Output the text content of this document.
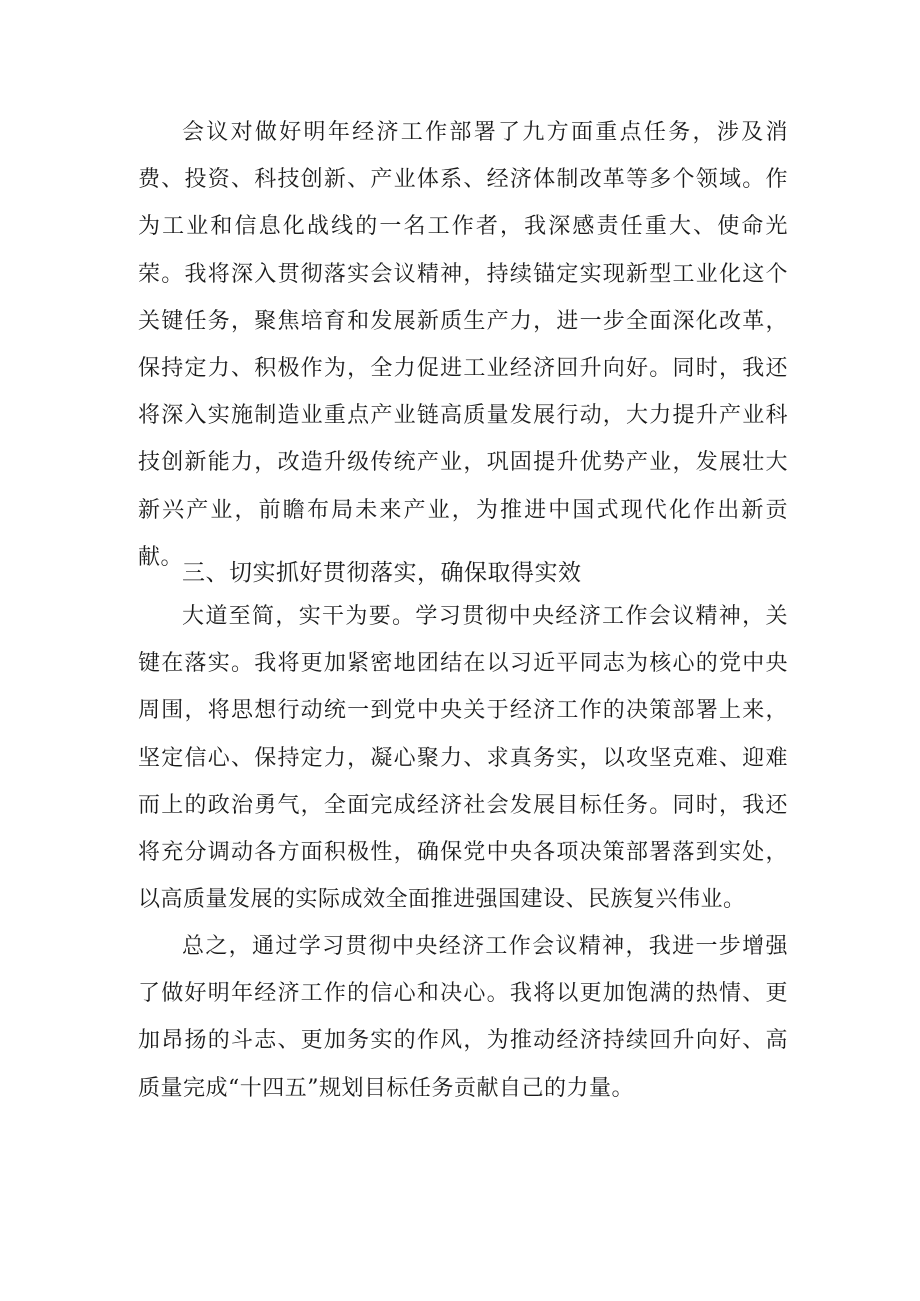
会议对做好明年经济工作部署了九方面重点任务，涉及消费、投资、科技创新、产业体系、经济体制改革等多个领域。作为工业和信息化战线的一名工作者，我深感责任重大、使命光荣。我将深入贯彻落实会议精神，持续锚定实现新型工业化这个关键任务，聚焦培育和发展新质生产力，进一步全面深化改革，保持定力、积极作为，全力促进工业经济回升向好。同时，我还将深入实施制造业重点产业链高质量发展行动，大力提升产业科技创新能力，改造升级传统产业，巩固提升优势产业，发展壮大新兴产业，前瞻布局未来产业，为推进中国式现代化作出新贡献。

三、切实抓好贯彻落实，确保取得实效

大道至简，实干为要。学习贯彻中央经济工作会议精神，关键在落实。我将更加紧密地团结在以习近平同志为核心的党中央周围，将思想行动统一到党中央关于经济工作的决策部署上来，坚定信心、保持定力，凝心聚力、求真务实，以攻坚克难、迎难而上的政治勇气，全面完成经济社会发展目标任务。同时，我还将充分调动各方面积极性，确保党中央各项决策部署落到实处，以高质量发展的实际成效全面推进强国建设、民族复兴伟业。

总之，通过学习贯彻中央经济工作会议精神，我进一步增强了做好明年经济工作的信心和决心。我将以更加饱满的热情、更加昂扬的斗志、更加务实的作风，为推动经济持续回升向好、高质量完成“十四五”规划目标任务贡献自己的力量。
